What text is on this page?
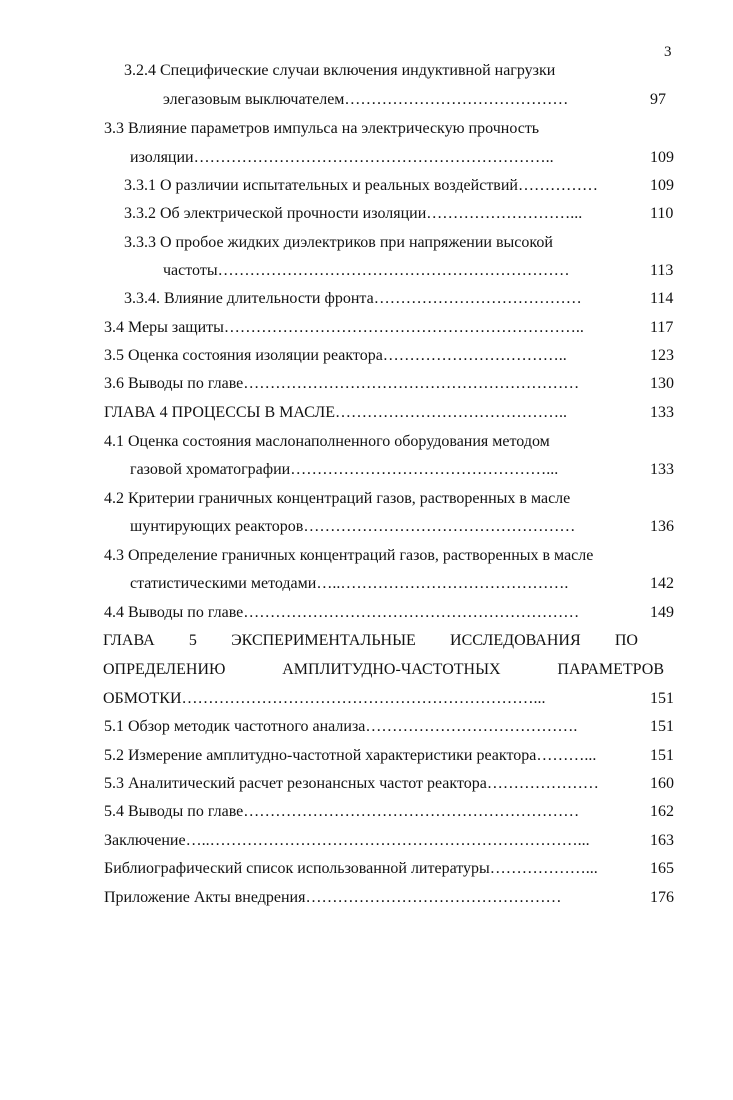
3
3.2.4 Специфические случаи включения индуктивной нагрузки
элегазовым выключателем……………………………………	97
3.3 Влияние параметров импульса на электрическую прочность
изоляции…………………………………………………………..	109
3.3.1 О различии испытательных и реальных воздействий……………	109
3.3.2 Об электрической прочности изоляции………………………...	110
3.3.3 О пробое жидких диэлектриков при напряжении высокой
частоты…………………………………………………………	113
3.3.4. Влияние длительности фронта…………………………………	114
3.4 Меры защиты…………………………………………………………..	117
3.5 Оценка состояния изоляции реактора……………………………..	123
3.6 Выводы по главе………………………………………………………	130
ГЛАВА 4 ПРОЦЕССЫ В МАСЛЕ……………………………………..	133
4.1 Оценка состояния маслонаполненного оборудования методом
газовой хроматографии…………………………………………...	133
4.2 Критерии граничных концентраций газов, растворенных в масле
шунтирующих реакторов……………………………………………	136
4.3 Определение граничных концентраций газов, растворенных в масле
статистическими методами…..…………………………………….	142
4.4 Выводы по главе………………………………………………………	149
ГЛАВА 5 ЭКСПЕРИМЕНТАЛЬНЫЕ ИССЛЕДОВАНИЯ ПО
ОПРЕДЕЛЕНИЮ	АМПЛИТУДНО-ЧАСТОТНЫХ	ПАРАМЕТРОВ
ОБМОТКИ…………………………………………………………...	151
5.1 Обзор методик частотного анализа………………………………….	151
5.2 Измерение амплитудно-частотной характеристики реактора………...	151
5.3 Аналитический расчет резонансных частот реактора…………………	160
5.4 Выводы по главе………………………………………………………	162
Заключение…..……………………………………………………………...	163
Библиографический список использованной литературы………………...	165
Приложение Акты внедрения…………………………………………	176
